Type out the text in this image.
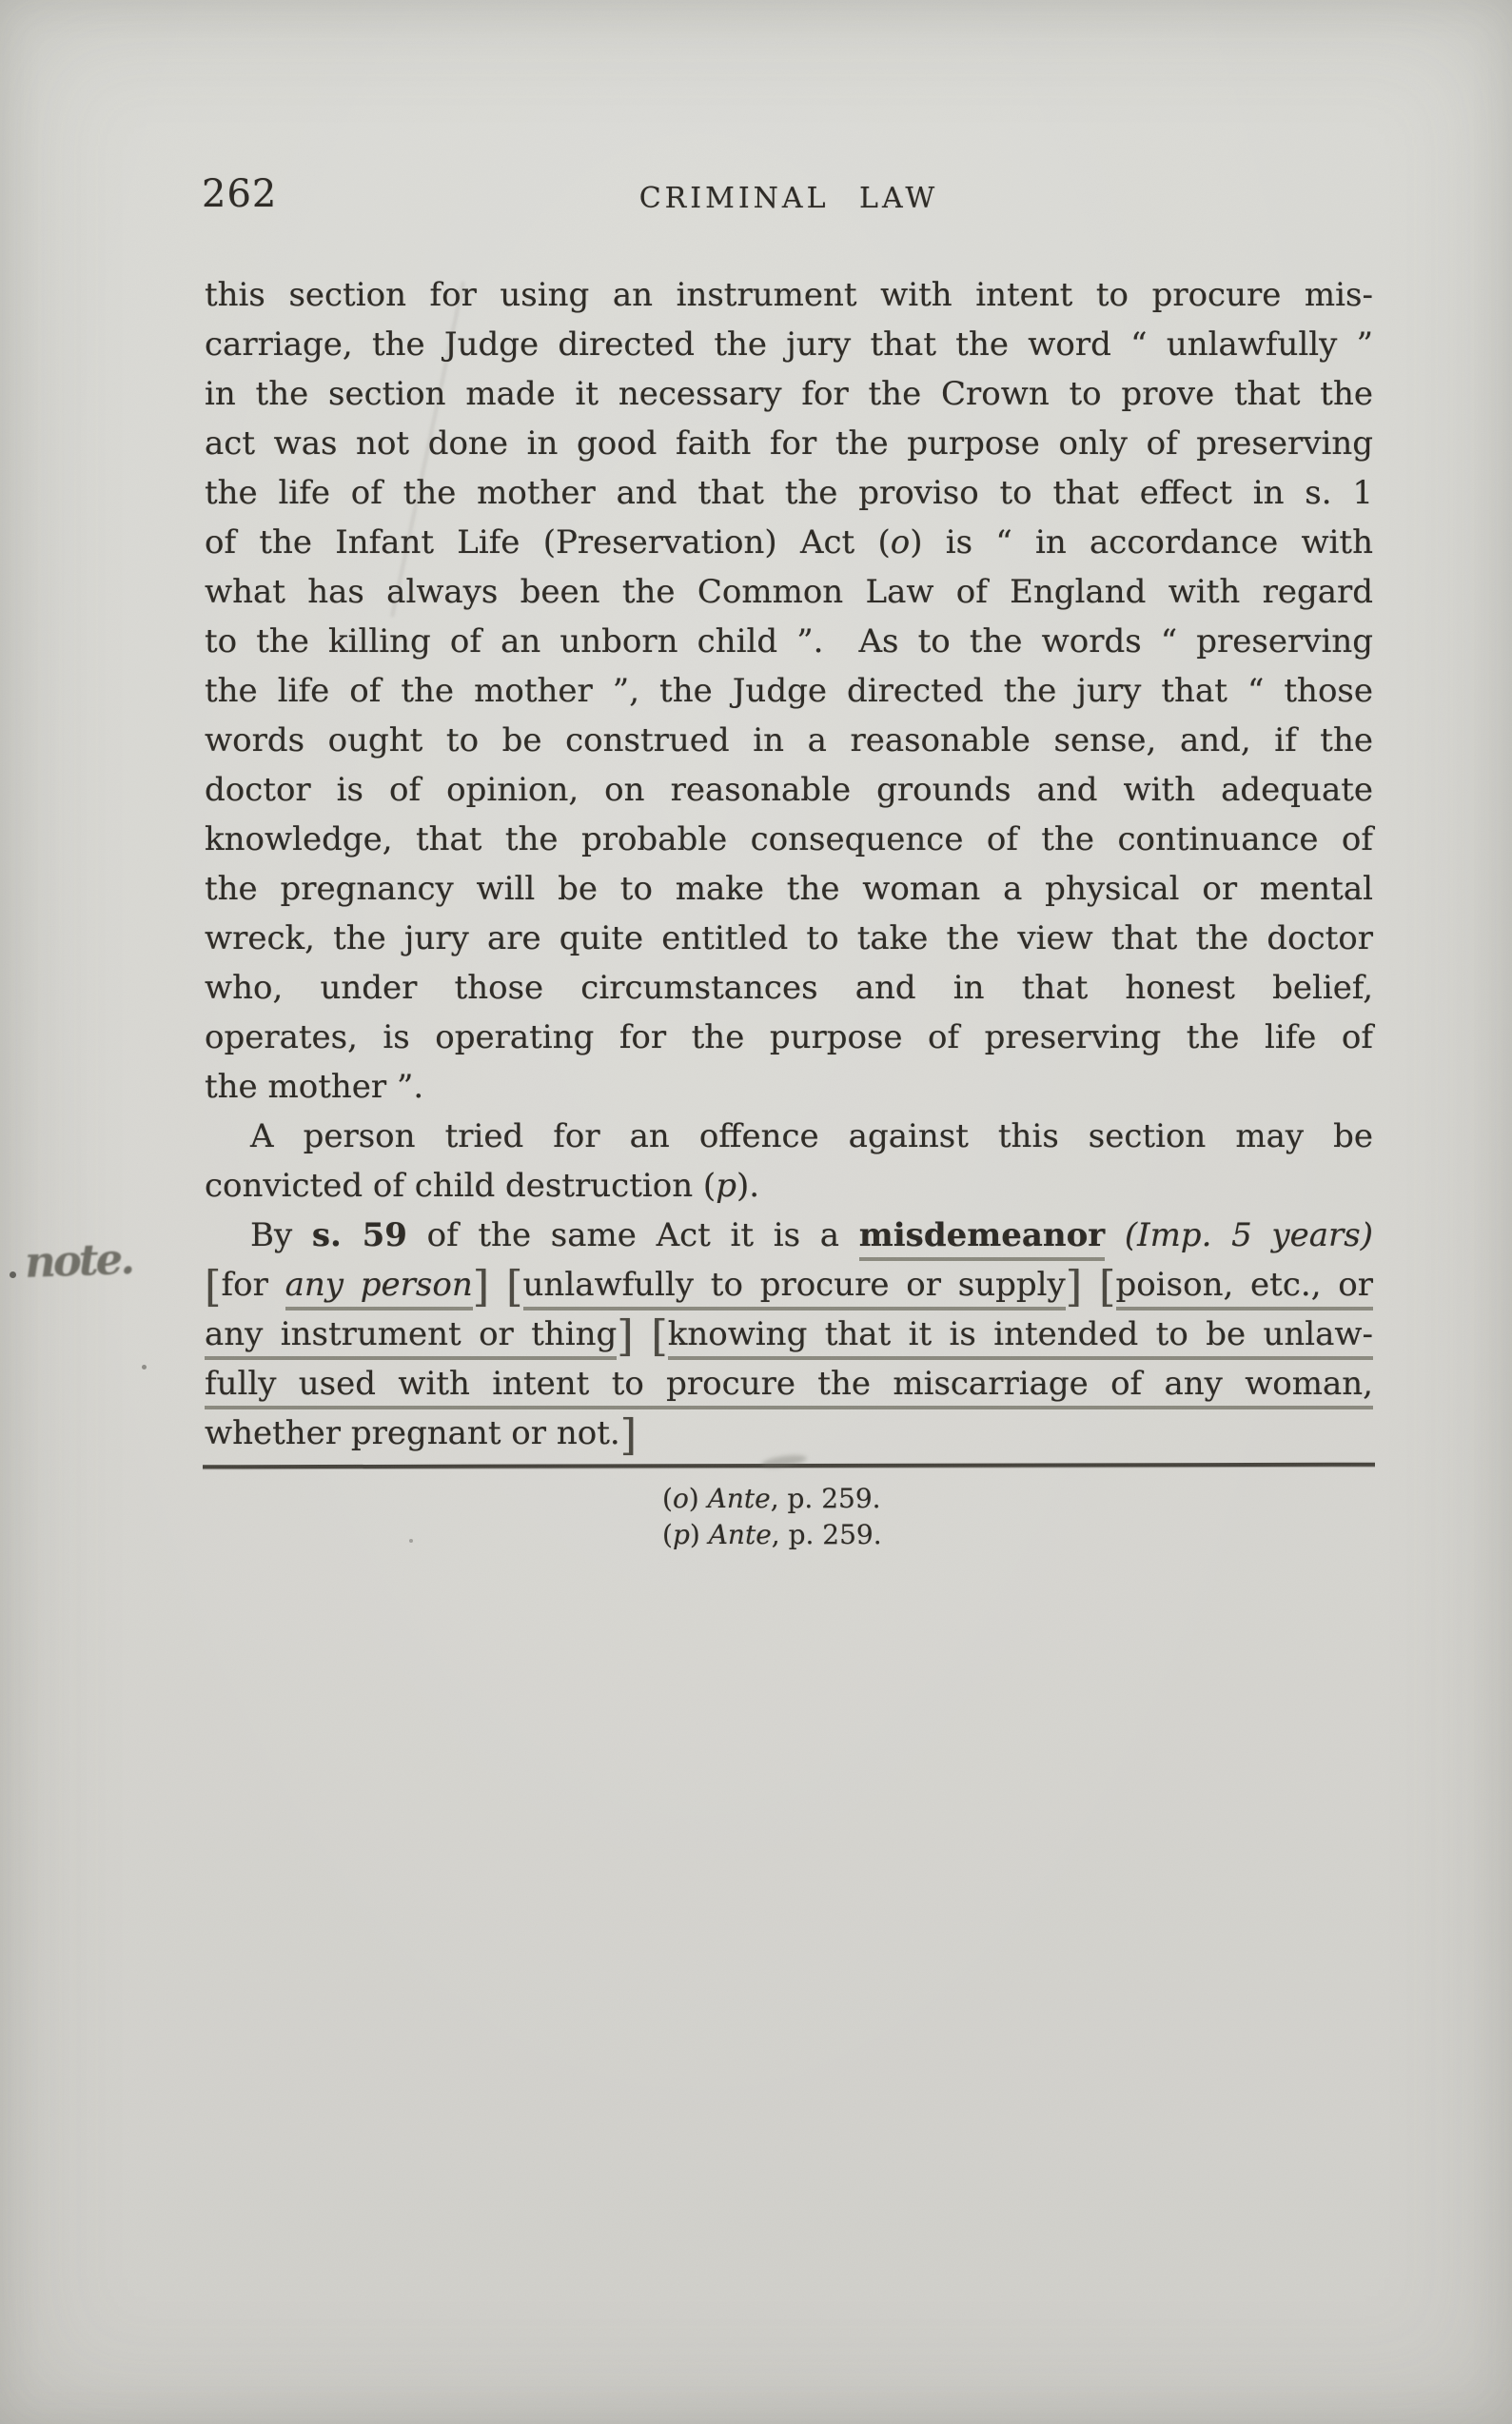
262	CRIMINAL LAW
this section for using an instrument with intent to procure mis-
carriage, the Judge directed the jury that the word “ unlawfully ”
in the section made it necessary for the Crown to prove that the
act was not done in good faith for the purpose only of preserving
the life of the mother and that the proviso to that effect in s. 1
of the Infant Life (Preservation) Act (o) is “ in accordance with
what has always been the Common Law of England with regard
to the killing of an unborn child ”.  As to the words “ preserving
the life of the mother ”, the Judge directed the jury that “ those
words ought to be construed in a reasonable sense, and, if the
doctor is of opinion, on reasonable grounds and with adequate
knowledge, that the probable consequence of the continuance of
the pregnancy will be to make the woman a physical or mental
wreck, the jury are quite entitled to take the view that the doctor
who, under those circumstances and in that honest belief,
operates, is operating for the purpose of preserving the life of
the mother ”.
A person tried for an offence against this section may be
convicted of child destruction (p).
By s. 59 of the same Act it is a misdemeanor (Imp. 5 years)
[for any person] [unlawfully to procure or supply] [poison, etc., or
any instrument or thing] [knowing that it is intended to be unlaw-
fully used with intent to procure the miscarriage of any woman,
whether pregnant or not.]
note.
(o) Ante, p. 259.
(p) Ante, p. 259.
